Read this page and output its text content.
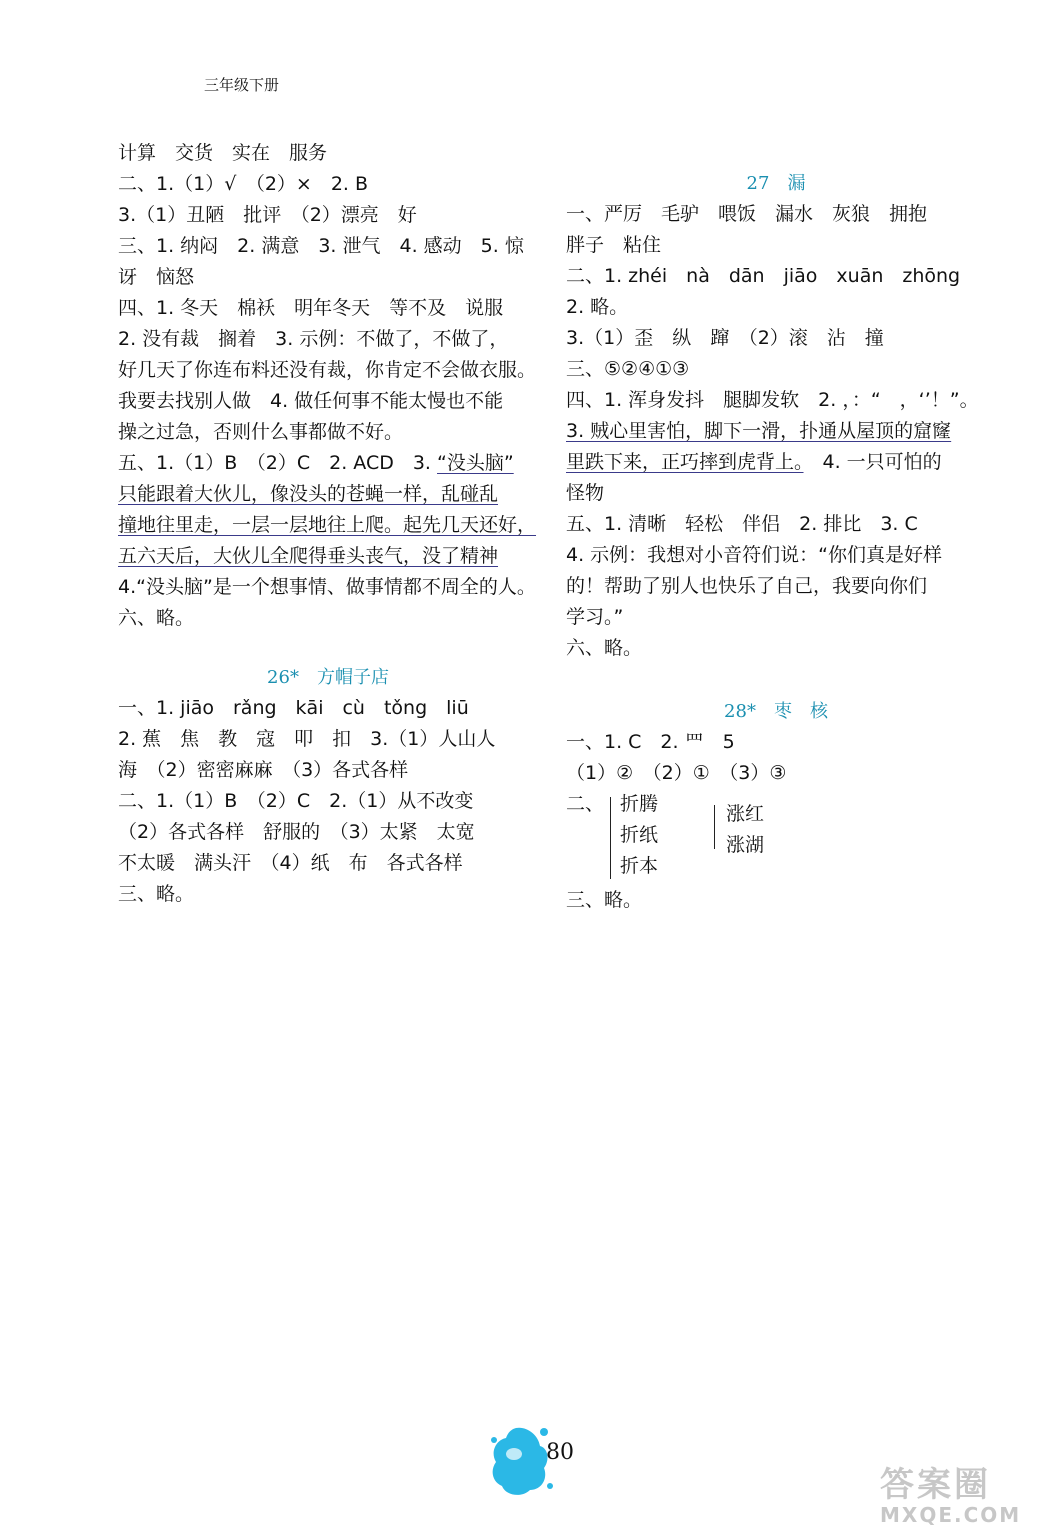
三年级下册
计算　交货　实在　服务
二、1.（1）√　（2）×　2. B
3.（1）丑陋　批评　（2）漂亮　好
三、1. 纳闷　2. 满意　3. 泄气　4. 感动　5. 惊
讶　恼怒
四、1. 冬天　棉袄　明年冬天　等不及　说服
2. 没有裁　搁着　3. 示例：不做了，不做了，
好几天了你连布料还没有裁，你肯定不会做衣服。
我要去找别人做　4. 做任何事不能太慢也不能
操之过急，否则什么事都做不好。
五、1.（1）B　（2）C　2. ACD　3. “没头脑”
只能跟着大伙儿，像没头的苍蝇一样，乱碰乱
撞地往里走，一层一层地往上爬。起先几天还好，
五六天后，大伙儿全爬得垂头丧气，没了精神
4.“没头脑”是一个想事情、做事情都不周全的人。
六、略。
26*　方帽子店
一、1. jiāo　rǎng　kāi　cù　tǒng　liū
2. 蕉　焦　教　寇　叩　扣　3.（1）人山人
海　（2）密密麻麻　（3）各式各样
二、1.（1）B　（2）C　2.（1）从不改变
（2）各式各样　舒服的　（3）太紧　太宽
不太暖　满头汗　（4）纸　布　各式各样
三、略。
27　漏
一、严厉　毛驴　喂饭　漏水　灰狼　拥抱
胖子　粘住
二、1. zhéi　nà　dān　jiāo　xuān　zhōng
2. 略。
3.（1）歪　纵　蹿　（2）滚　沾　撞
三、⑤②④①③
四、1. 浑身发抖　腿脚发软　2. ，：“　，‘’！”。
3. 贼心里害怕，脚下一滑，扑通从屋顶的窟窿
里跌下来，正巧摔到虎背上。　4. 一只可怕的
怪物
五、1. 清晰　轻松　伴侣　2. 排比　3. C
4. 示例：我想对小音符们说：“你们真是好样
的！帮助了别人也快乐了自己，我要向你们
学习。”
六、略。
28*　枣　核
一、1. C　2. 罒　5
（1）②　（2）①　（3）③
二、 折腾
折纸
折本
涨红
涨湖
三、略。
80
答案圈
MXQE.COM
